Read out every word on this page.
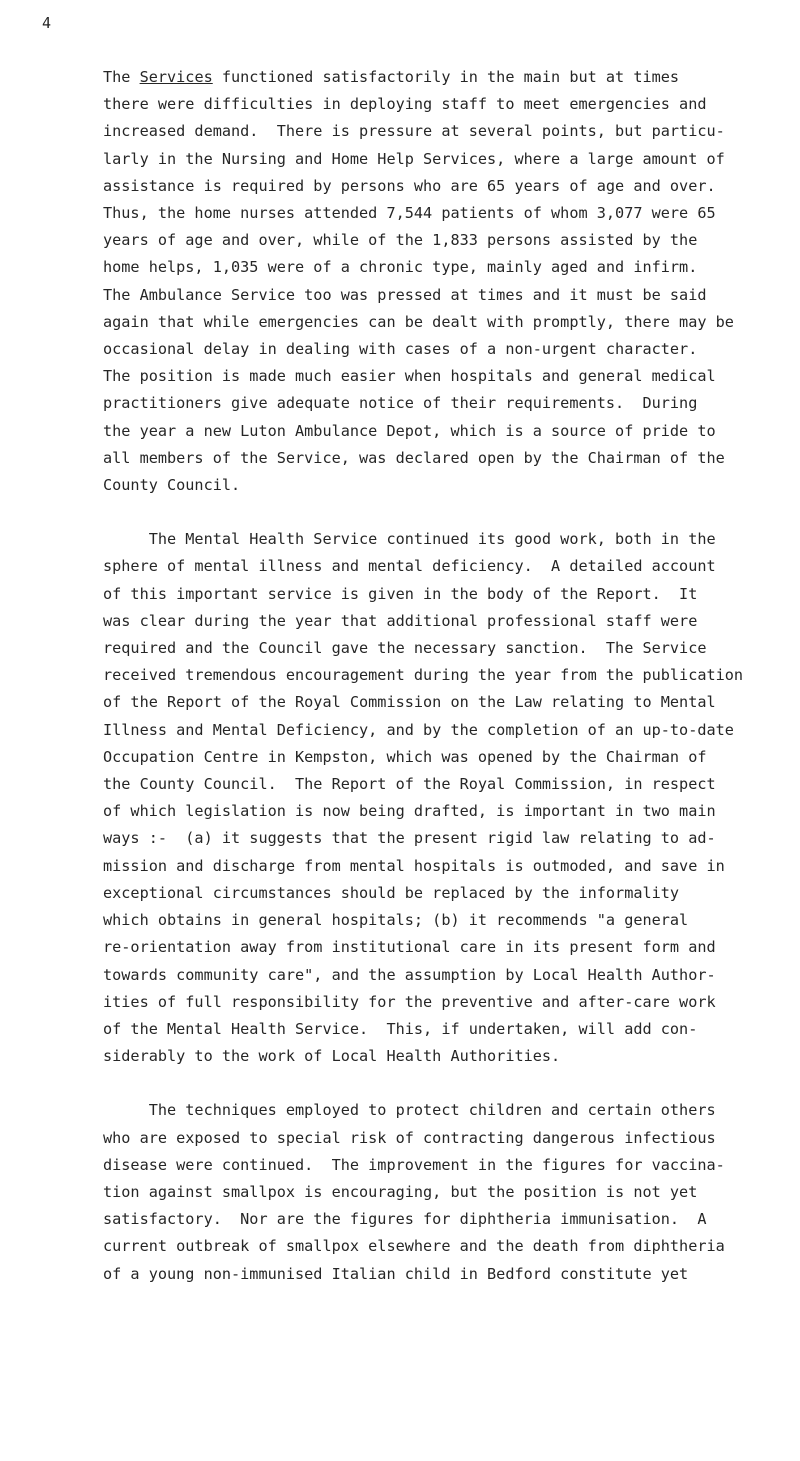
4
The Services functioned satisfactorily in the main but at times
there were difficulties in deploying staff to meet emergencies and
increased demand.  There is pressure at several points, but particu-
larly in the Nursing and Home Help Services, where a large amount of
assistance is required by persons who are 65 years of age and over.
Thus, the home nurses attended 7,544 patients of whom 3,077 were 65
years of age and over, while of the 1,833 persons assisted by the
home helps, 1,035 were of a chronic type, mainly aged and infirm.
The Ambulance Service too was pressed at times and it must be said
again that while emergencies can be dealt with promptly, there may be
occasional delay in dealing with cases of a non-urgent character.
The position is made much easier when hospitals and general medical
practitioners give adequate notice of their requirements.  During
the year a new Luton Ambulance Depot, which is a source of pride to
all members of the Service, was declared open by the Chairman of the
County Council.
The Mental Health Service continued its good work, both in the
sphere of mental illness and mental deficiency.  A detailed account
of this important service is given in the body of the Report.  It
was clear during the year that additional professional staff were
required and the Council gave the necessary sanction.  The Service
received tremendous encouragement during the year from the publication
of the Report of the Royal Commission on the Law relating to Mental
Illness and Mental Deficiency, and by the completion of an up-to-date
Occupation Centre in Kempston, which was opened by the Chairman of
the County Council.  The Report of the Royal Commission, in respect
of which legislation is now being drafted, is important in two main
ways :-  (a) it suggests that the present rigid law relating to ad-
mission and discharge from mental hospitals is outmoded, and save in
exceptional circumstances should be replaced by the informality
which obtains in general hospitals; (b) it recommends "a general
re-orientation away from institutional care in its present form and
towards community care", and the assumption by Local Health Author-
ities of full responsibility for the preventive and after-care work
of the Mental Health Service.  This, if undertaken, will add con-
siderably to the work of Local Health Authorities.
The techniques employed to protect children and certain others
who are exposed to special risk of contracting dangerous infectious
disease were continued.  The improvement in the figures for vaccina-
tion against smallpox is encouraging, but the position is not yet
satisfactory.  Nor are the figures for diphtheria immunisation.  A
current outbreak of smallpox elsewhere and the death from diphtheria
of a young non-immunised Italian child in Bedford constitute yet
